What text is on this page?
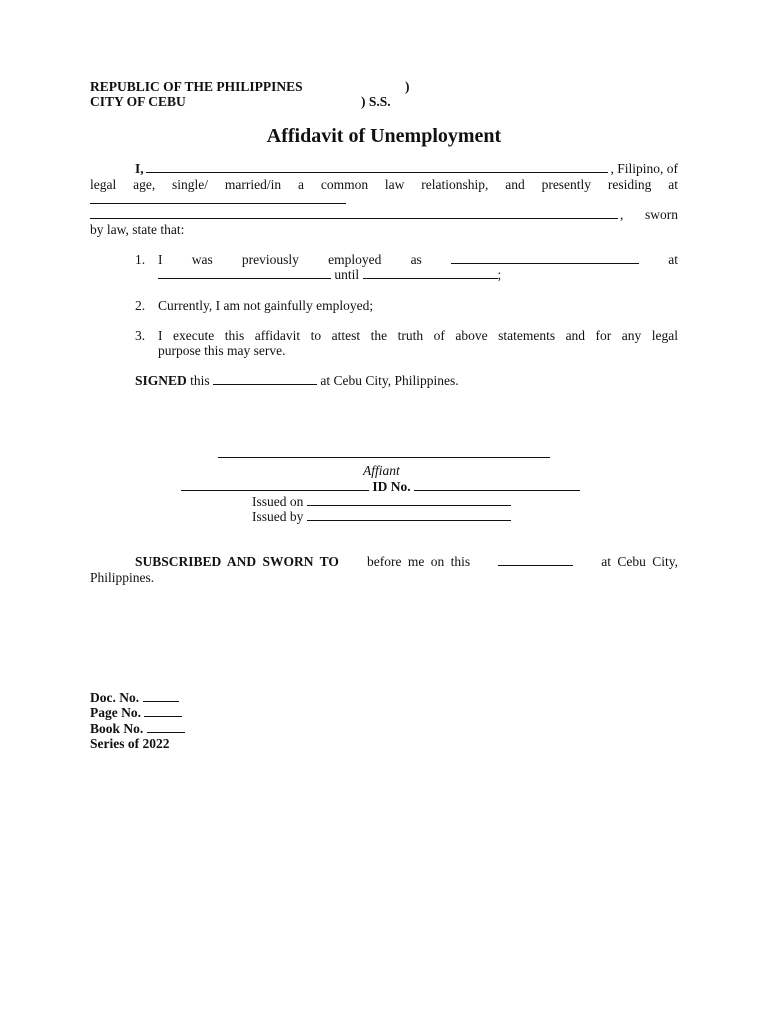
REPUBLIC OF THE PHILIPPINES	)
CITY OF CEBU	) S.S.
Affidavit of Unemployment
I,	, Filipino, of
legal age, single/ married/in a common law relationship, and presently residing at
, sworn
by law, state that:
1. I was previously employed as	at
until	;
2. Currently, I am not gainfully employed;
3. I execute this affidavit to attest the truth of above statements and for any legal
purpose this may serve.
SIGNED this	at Cebu City, Philippines.
Affiant
ID No.
Issued on
Issued by
SUBSCRIBED AND SWORN TO before me on this	at Cebu City,
Philippines.
Doc. No.
Page No.
Book No.
Series of 2022
